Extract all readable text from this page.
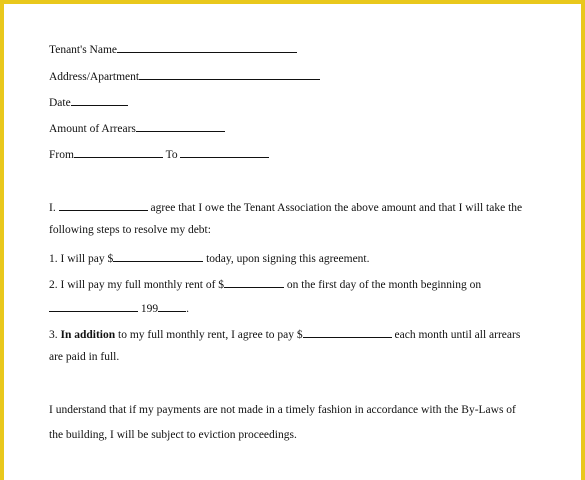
Tenant's Name
Address/Apartment
Date
Amount of Arrears
From	To
I.	agree that I owe the Tenant Association the above amount and that I will take the
following steps to resolve my debt:
1. I will pay $	today, upon signing this agreement.
2. I will pay my full monthly rent of $	on the first day of the month beginning on
199 .
3. In addition to my full monthly rent, I agree to pay $	each month until all arrears
are paid in full.
I understand that if my payments are not made in a timely fashion in accordance with the By-Laws of
the building, I will be subject to eviction proceedings.
